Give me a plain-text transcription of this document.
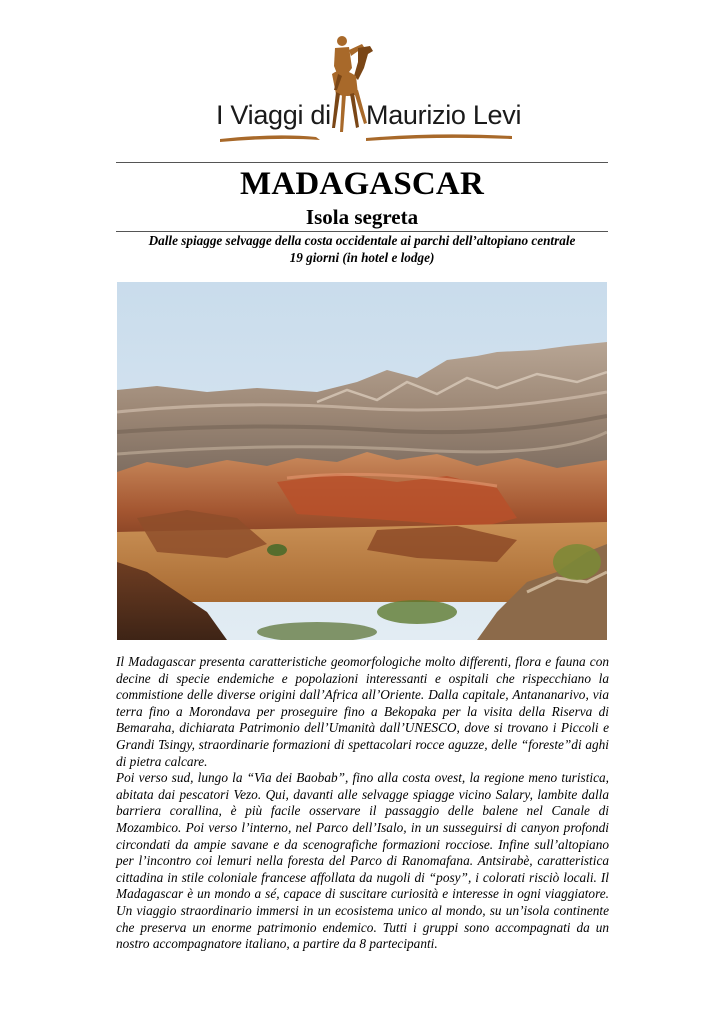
I Viaggi di Maurizio Levi
MADAGASCAR
Isola segreta
Dalle spiagge selvagge della costa occidentale ai parchi dell’altopiano centrale
19 giorni (in hotel e lodge)

Il Madagascar presenta caratteristiche geomorfologiche molto differenti, flora e fauna con decine di specie endemiche e popolazioni interessanti e ospitali che rispecchiano la commistione delle diverse origini dall’Africa all’Oriente. Dalla capitale, Antananarivo, via terra fino a Morondava per proseguire fino a Bekopaka per la visita della Riserva di Bemaraha, dichiarata Patrimonio dell’Umanità dall’UNESCO, dove si trovano i Piccoli e Grandi Tsingy, straordinarie formazioni di spettacolari rocce aguzze, delle “foreste”di aghi di pietra calcare.

Poi verso sud, lungo la “Via dei Baobab”, fino alla costa ovest, la regione meno turistica, abitata dai pescatori Vezo. Qui, davanti alle selvagge spiagge vicino Salary, lambite dalla barriera corallina, è più facile osservare il passaggio delle balene nel Canale di Mozambico. Poi verso l’interno, nel Parco dell’Isalo, in un susseguirsi di canyon profondi circondati da ampie savane e da scenografiche formazioni rocciose. Infine sull’altopiano per l’incontro coi lemuri nella foresta del Parco di Ranomafana. Antsirabè, caratteristica cittadina in stile coloniale francese affollata da nugoli di “posy”, i colorati risciò locali. Il Madagascar è un mondo a sé, capace di suscitare curiosità e interesse in ogni viaggiatore. Un viaggio straordinario immersi in un ecosistema unico al mondo, su un’isola continente che preserva un enorme patrimonio endemico. Tutti i gruppi sono accompagnati da un nostro accompagnatore italiano, a partire da 8 partecipanti.
